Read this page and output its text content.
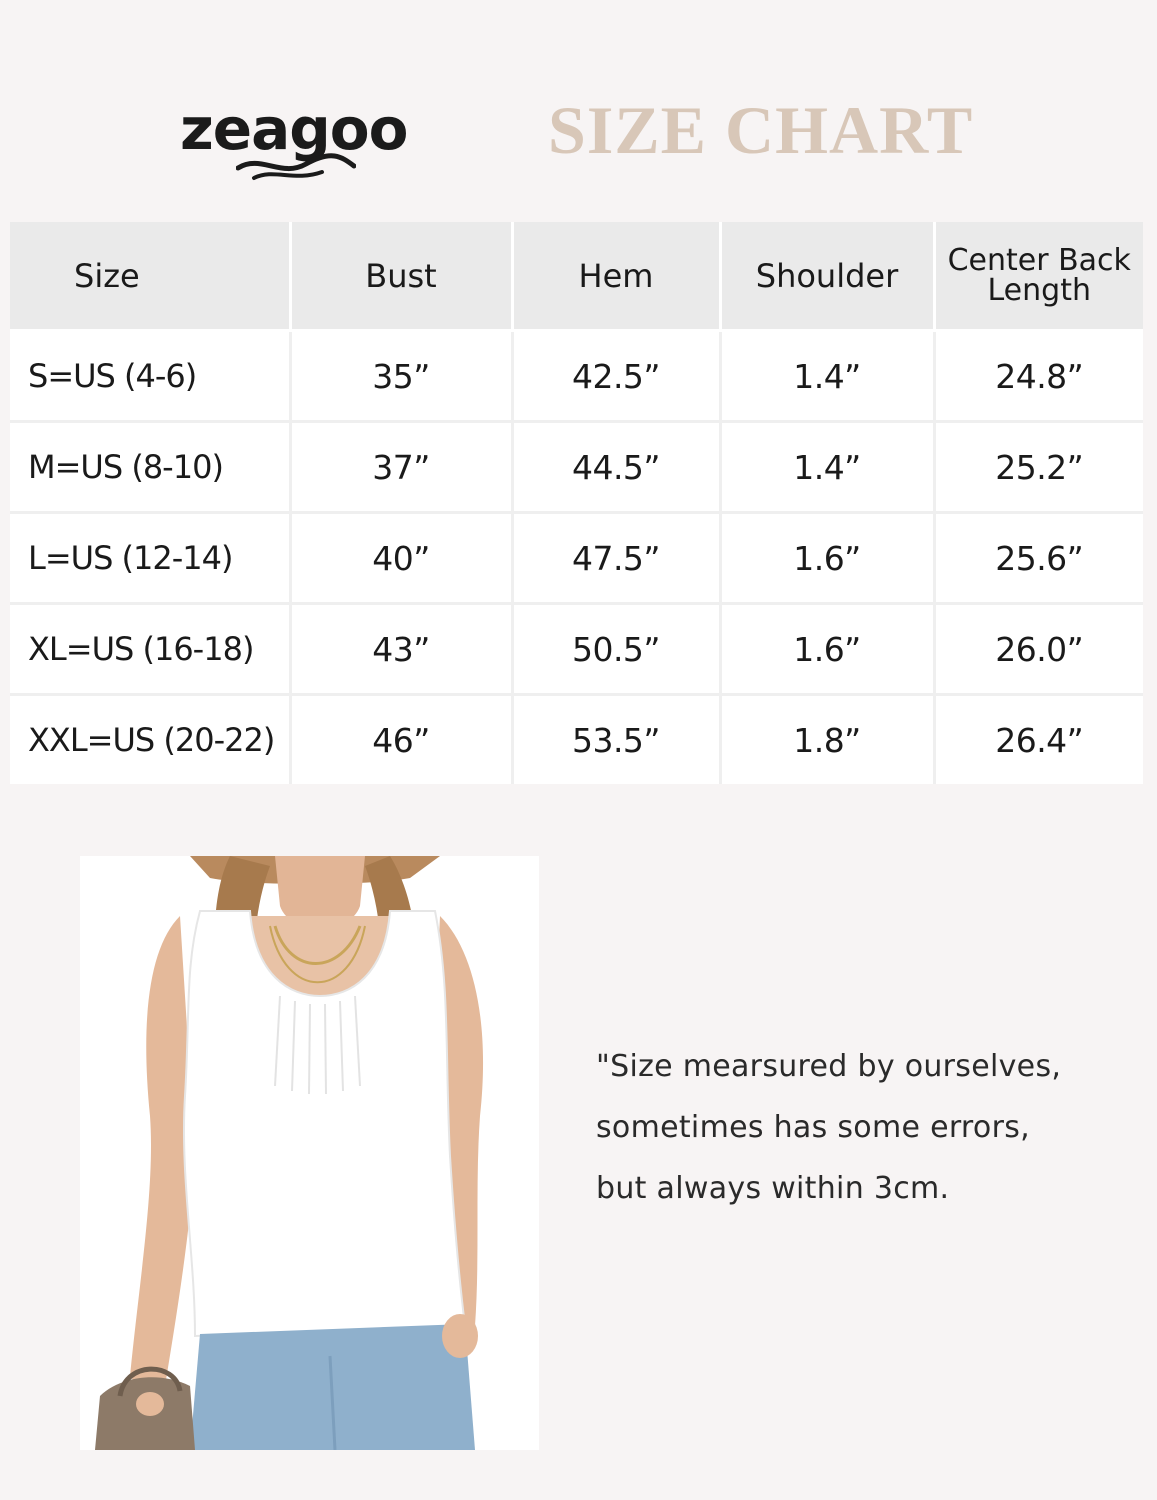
zeagoo SIZE CHART
Size	Bust	Hem	Shoulder	Center Back
Length

S=US (4-6)	35”	42.5”	1.4”	24.8”
M=US (8-10)	37”	44.5”	1.4”	25.2”
L=US (12-14)	40”	47.5”	1.6”	25.6”
XL=US (16-18)	43”	50.5”	1.6”	26.0”
XXL=US (20-22)	46”	53.5”	1.8”	26.4”
"Size mearsured by ourselves,
sometimes has some errors,
but always within 3cm.
